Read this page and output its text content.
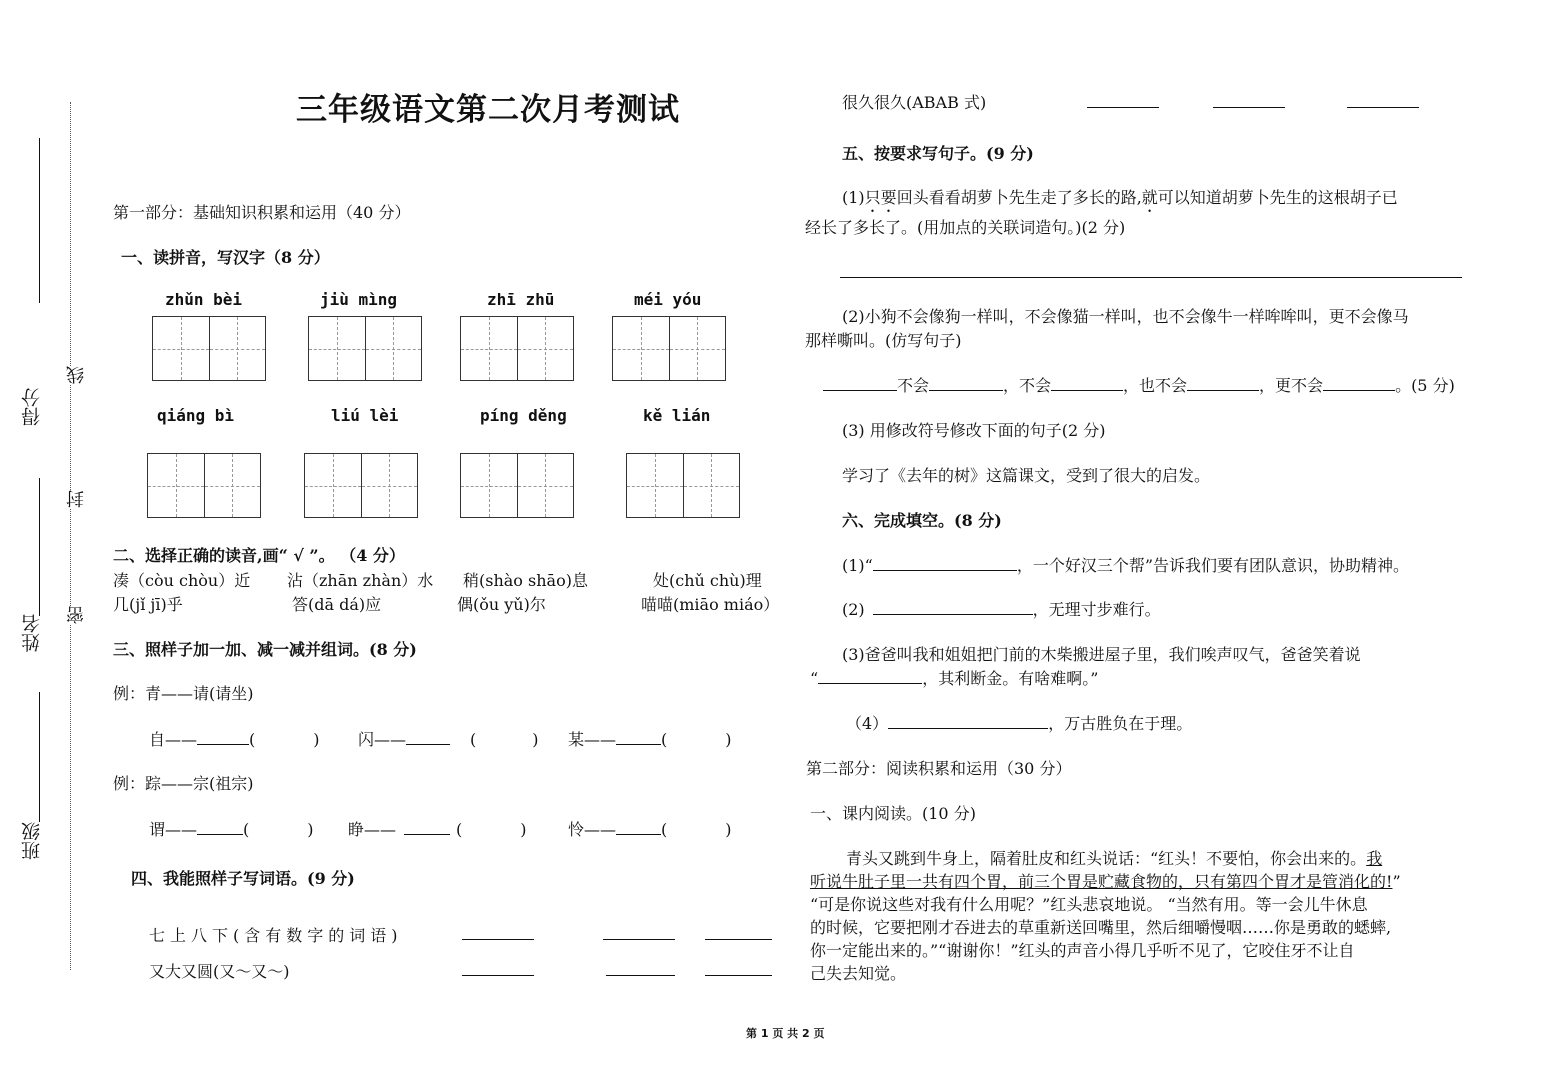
得分
姓名
班级
线
封
密
三年级语文第二次月考测试
第一部分：基础知识积累和运用（40 分）
一、读拼音，写汉字（8 分）
zhǔn bèi	jiù mìng	zhī zhū	méi yóu
qiáng bì	liú lèi	píng děng	kě lián
二、选择正确的读音,画“ √ ”。 （4 分）
凑（còu chòu）近 沾（zhān zhàn）水 稍(shào shāo)息	处(chǔ chù)理
几(jǐ jī)乎	答(dā dá)应	偶(ǒu yǔ)尔	喵喵(miāo miáo）
三、照样子加一加、减一减并组词。(8 分)
例：青——请(请坐)
自——	(	) 闪——	(	) 某——	(	)
例：踪——宗(祖宗)
谓——	(	) 睁——	(	)	怜——	(	)
四、我能照样子写词语。(9 分)
七上八下(含有数字的词语)
又大又圆(又～又～)
很久很久(ABAB 式)
五、按要求写句子。(9 分)
(1)只要回头看看胡萝卜先生走了多长的路,就可以知道胡萝卜先生的这根胡子已
经长了多长了。(用加点的关联词造句。)(2 分)
(2)小狗不会像狗一样叫，不会像猫一样叫，也不会像牛一样哞哞叫，更不会像马
那样嘶叫。(仿写句子)
不会	，不会	，也不会	，更不会	。(5 分)
(3) 用修改符号修改下面的句子(2 分)
学习了《去年的树》这篇课文，受到了很大的启发。
六、完成填空。(8 分)
(1)“	，一个好汉三个帮”告诉我们要有团队意识，协助精神。
(2)	，无理寸步难行。
(3)爸爸叫我和姐姐把门前的木柴搬进屋子里，我们唉声叹气，爸爸笑着说
“	，其利断金。有啥难啊。”
（4）	，万古胜负在于理。
第二部分：阅读积累和运用（30 分）
一、课内阅读。(10 分)
青头又跳到牛身上，隔着肚皮和红头说话：“红头！不要怕，你会出来的。我
听说牛肚子里一共有四个胃，前三个胃是贮藏食物的，只有第四个胃才是管消化的!”
“可是你说这些对我有什么用呢？”红头悲哀地说。 “当然有用。等一会儿牛休息
的时候，它要把刚才吞进去的草重新送回嘴里，然后细嚼慢咽……你是勇敢的蟋蟀,
你一定能出来的。”“谢谢你！”红头的声音小得几乎听不见了，它咬住牙不让自
己失去知觉。
第 1 页 共 2 页
